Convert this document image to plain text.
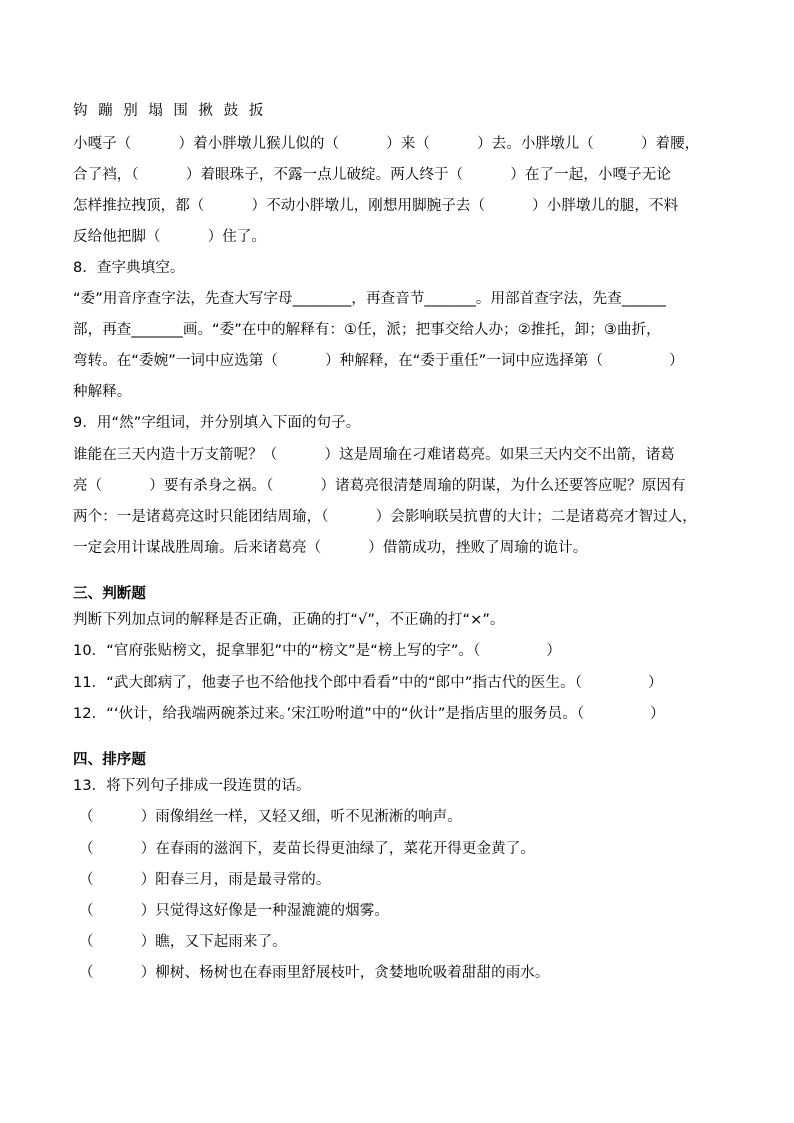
钩 蹦 别 塌 围 揪 鼓 扳
小嘎子（          ）着小胖墩儿猴儿似的（          ）来（          ）去。小胖墩儿（          ）着腰，
合了裆，（          ）着眼珠子，不露一点儿破绽。两人终于（          ）在了一起，小嘎子无论
怎样推拉拽顶，都（          ）不动小胖墩儿，刚想用脚腕子去（          ）小胖墩儿的腿，不料
反给他把脚（          ）住了。
8．查字典填空。
“委”用音序查字法，先查大写字母________，再查音节_______。用部首查字法，先查______
部，再查_______画。“委”在中的解释有：①任，派；把事交给人办；②推托，卸；③曲折，
弯转。在“委婉”一词中应选第（          ）种解释，在“委于重任”一词中应选择第（              ）
种解释。
9．用“然”字组词，并分别填入下面的句子。
谁能在三天内造十万支箭呢？（          ）这是周瑜在刁难诸葛亮。如果三天内交不出箭，诸葛
亮（          ）要有杀身之祸。（          ）诸葛亮很清楚周瑜的阴谋，为什么还要答应呢？原因有
两个：一是诸葛亮这时只能团结周瑜，（          ）会影响联吴抗曹的大计；二是诸葛亮才智过人，
一定会用计谋战胜周瑜。后来诸葛亮（          ）借箭成功，挫败了周瑜的诡计。
三、判断题
判断下列加点词的解释是否正确，正确的打“√”，不正确的打“×”。
10．“官府张贴榜文，捉拿罪犯”中的“榜文”是“榜上写的字”。（              ）
11．“武大郎病了，他妻子也不给他找个郎中看看”中的“郎中”指古代的医生。（              ）
12．“‘伙计，给我端两碗茶过来。’宋江吩咐道”中的“伙计”是指店里的服务员。（              ）
四、排序题
13．将下列句子排成一段连贯的话。
（          ）雨像绢丝一样，又轻又细，听不见淅淅的响声。
（          ）在春雨的滋润下，麦苗长得更油绿了，菜花开得更金黄了。
（          ）阳春三月，雨是最寻常的。
（          ）只觉得这好像是一种湿漉漉的烟雾。
（          ）瞧，又下起雨来了。
（          ）柳树、杨树也在春雨里舒展枝叶，贪婪地吮吸着甜甜的雨水。
